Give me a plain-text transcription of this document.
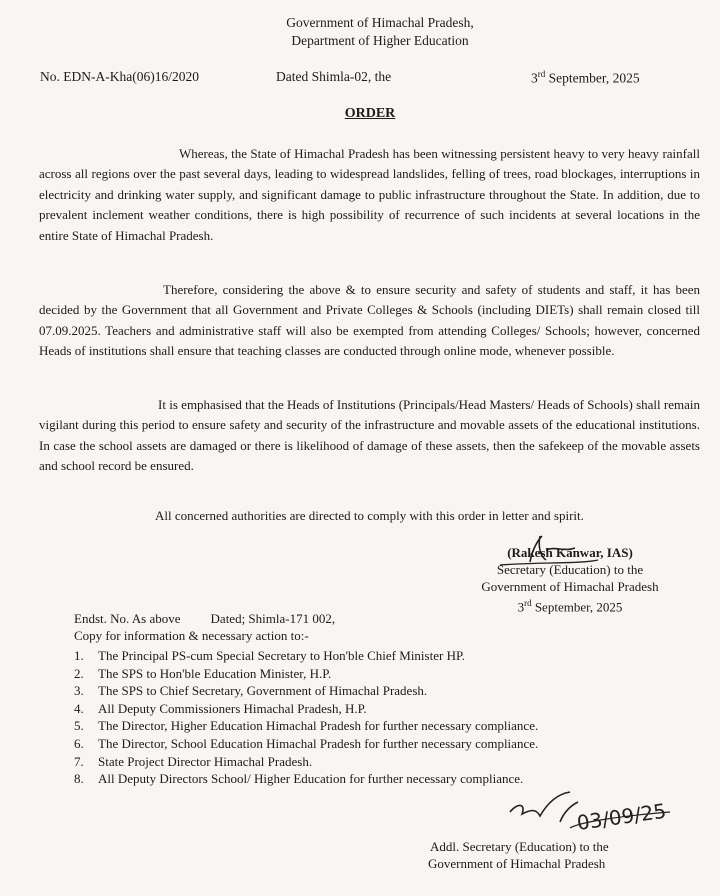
Government of Himachal Pradesh,
Department of Higher Education
No. EDN-A-Kha(06)16/2020	Dated Shimla-02, the	3rd September, 2025
ORDER

Whereas, the State of Himachal Pradesh has been witnessing persistent heavy to very heavy rainfall across all regions over the past several days, leading to widespread landslides, felling of trees, road blockages, interruptions in electricity and drinking water supply, and significant damage to public infrastructure throughout the State. In addition, due to prevalent inclement weather conditions, there is high possibility of recurrence of such incidents at several locations in the entire State of Himachal Pradesh.

Therefore, considering the above & to ensure security and safety of students and staff, it has been decided by the Government that all Government and Private Colleges & Schools (including DIETs) shall remain closed till 07.09.2025. Teachers and administrative staff will also be exempted from attending Colleges/ Schools; however, concerned Heads of institutions shall ensure that teaching classes are conducted through online mode, whenever possible.

It is emphasised that the Heads of Institutions (Principals/Head Masters/ Heads of Schools) shall remain vigilant during this period to ensure safety and security of the infrastructure and movable assets of the educational institutions. In case the school assets are damaged or there is likelihood of damage of these assets, then the safekeep of the movable assets and school record be ensured.

All concerned authorities are directed to comply with this order in letter and spirit.

(Rakesh Kanwar, IAS)
Secretary (Education) to the
Government of Himachal Pradesh
3rd September, 2025
Endst. No. As above Dated; Shimla-171 002,
Copy for information & necessary action to:-
1. The Principal PS-cum Special Secretary to Hon'ble Chief Minister HP.
2. The SPS to Hon'ble Education Minister, H.P.
3. The SPS to Chief Secretary, Government of Himachal Pradesh.
4. All Deputy Commissioners Himachal Pradesh, H.P.
5. The Director, Higher Education Himachal Pradesh for further necessary compliance.
6. The Director, School Education Himachal Pradesh for further necessary compliance.
7. State Project Director Himachal Pradesh.
8. All Deputy Directors School/ Higher Education for further necessary compliance.
03/09/25
Addl. Secretary (Education) to the
Government of Himachal Pradesh
